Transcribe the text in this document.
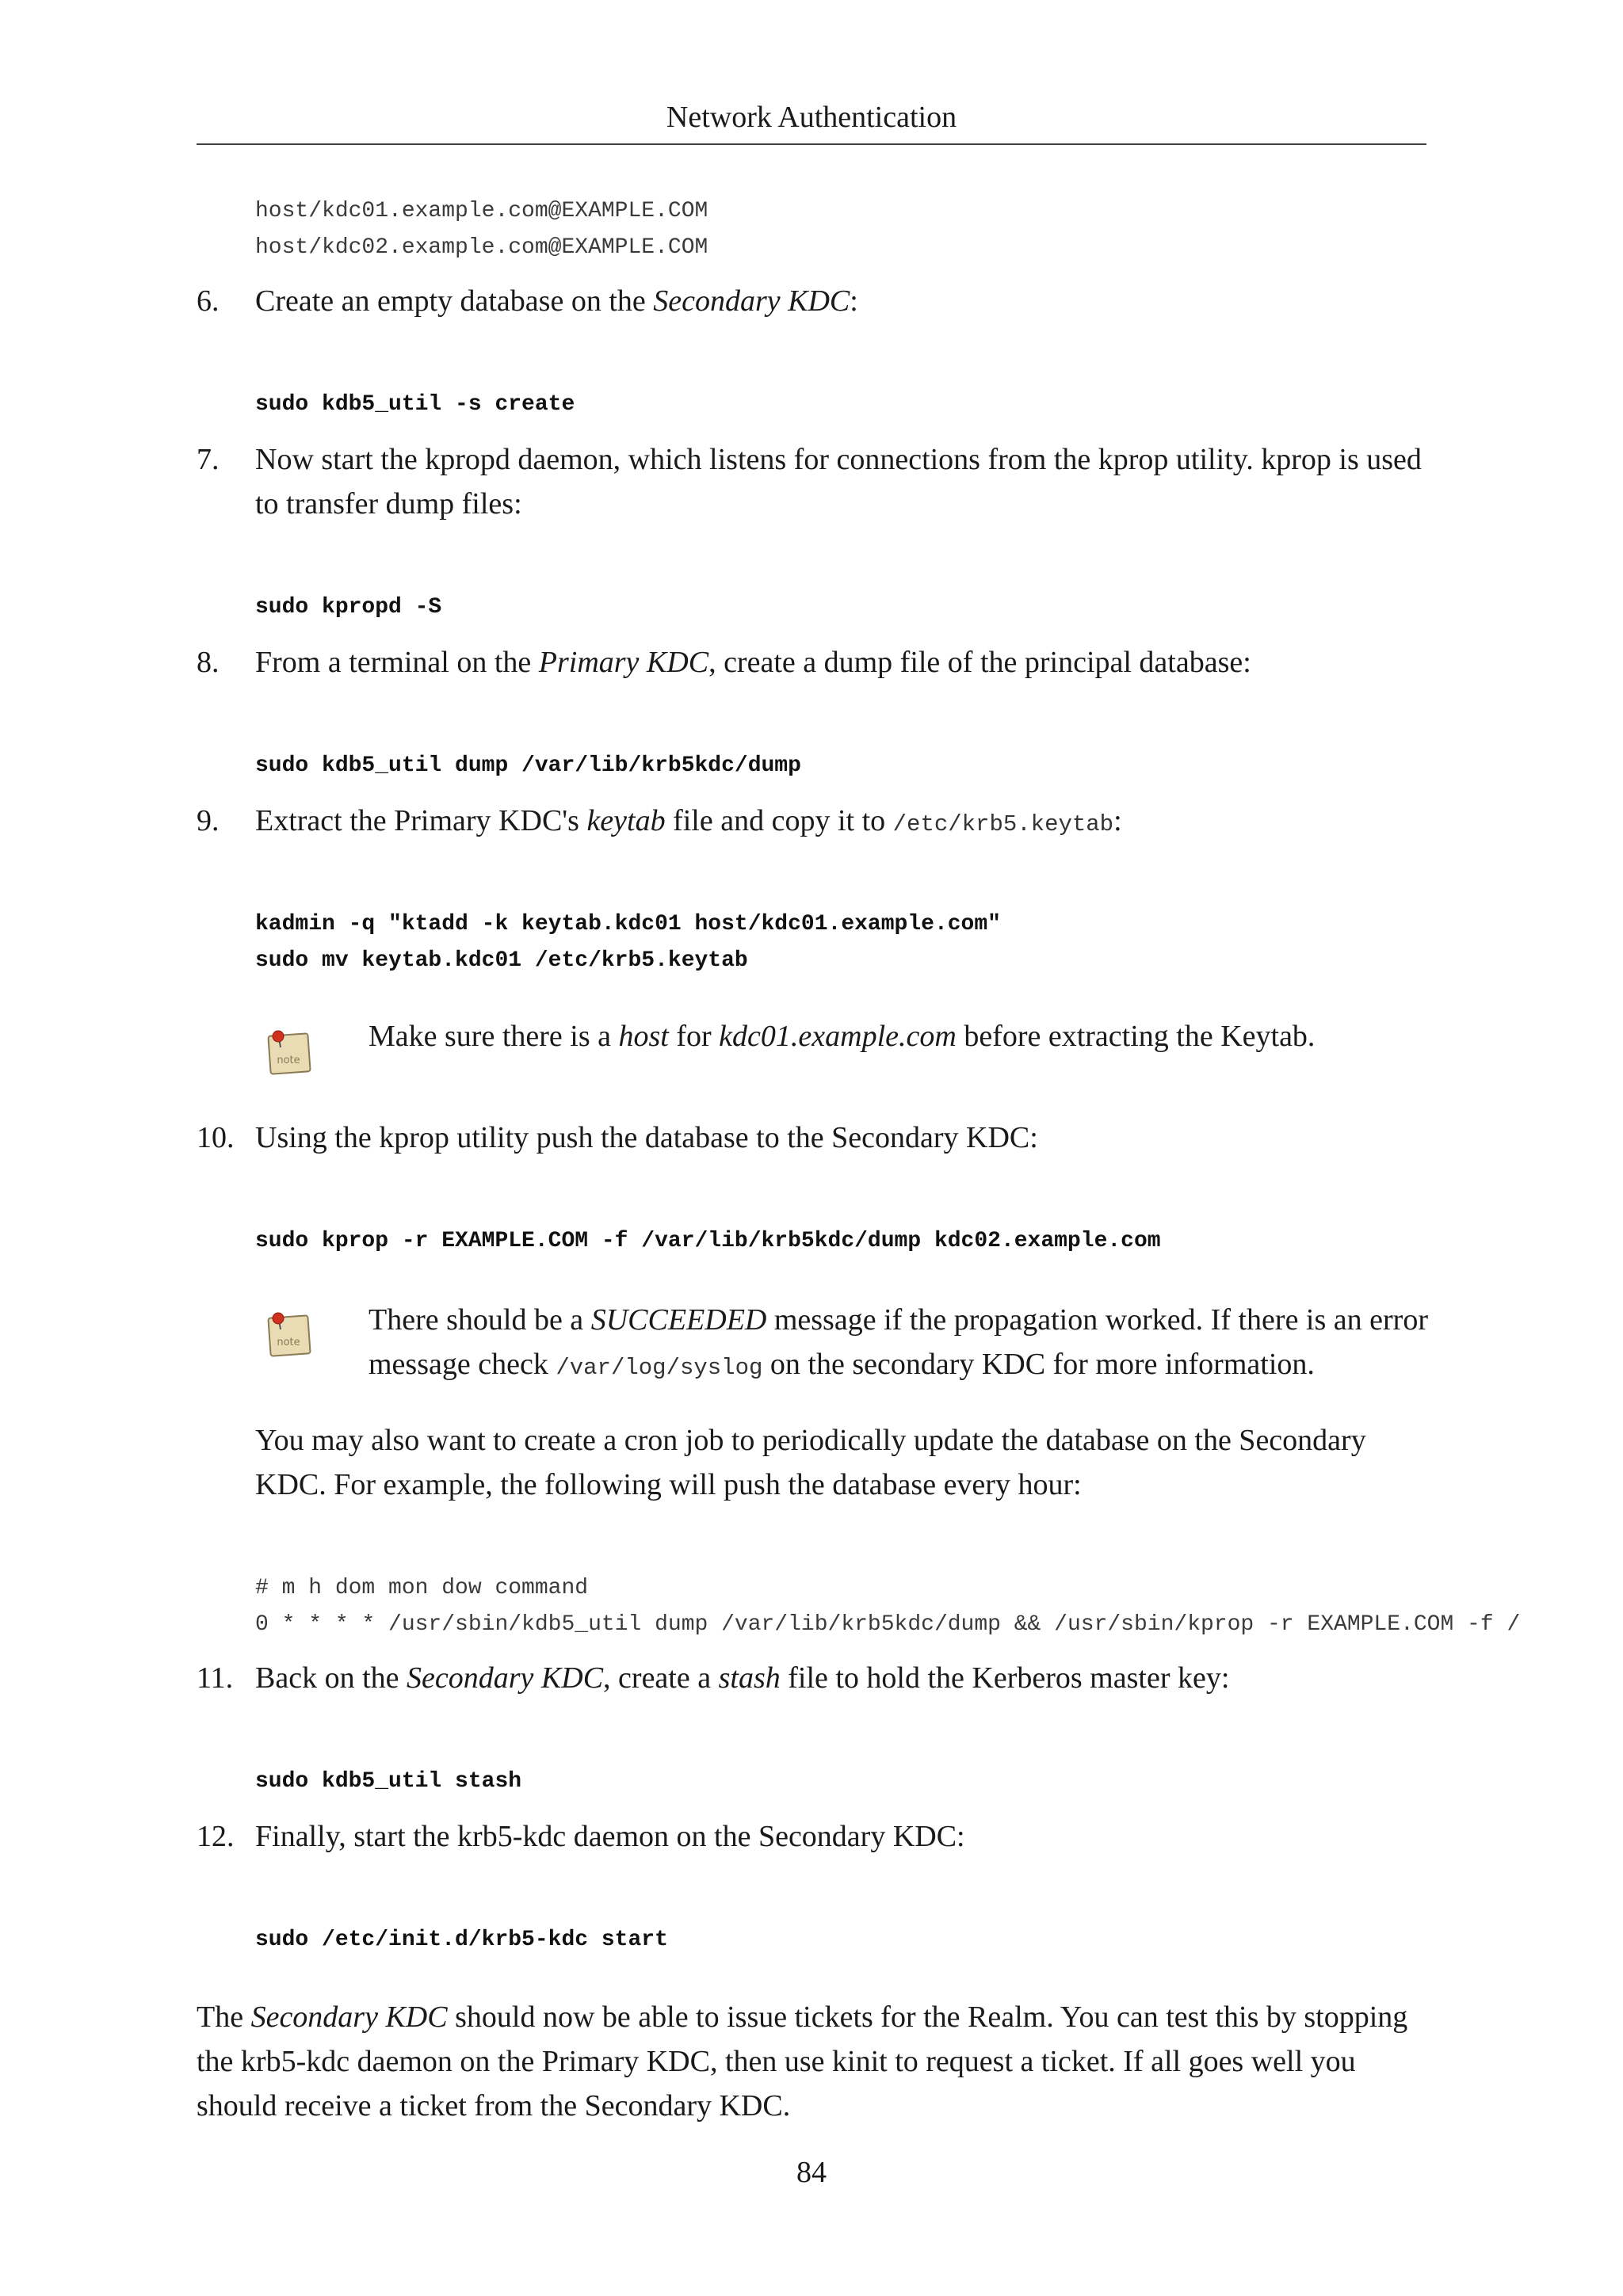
Network Authentication
host/kdc01.example.com@EXAMPLE.COM
host/kdc02.example.com@EXAMPLE.COM
6. Create an empty database on the Secondary KDC:
sudo kdb5_util -s create
7. Now start the kpropd daemon, which listens for connections from the kprop utility. kprop is used
to transfer dump files:
sudo kpropd -S
8. From a terminal on the Primary KDC, create a dump file of the principal database:
sudo kdb5_util dump /var/lib/krb5kdc/dump
9. Extract the Primary KDC's keytab file and copy it to /etc/krb5.keytab:
kadmin -q "ktadd -k keytab.kdc01 host/kdc01.example.com"
sudo mv keytab.kdc01 /etc/krb5.keytab
note
Make sure there is a host for kdc01.example.com before extracting the Keytab.
10. Using the kprop utility push the database to the Secondary KDC:
sudo kprop -r EXAMPLE.COM -f /var/lib/krb5kdc/dump kdc02.example.com
note
There should be a SUCCEEDED message if the propagation worked. If there is an error
message check /var/log/syslog on the secondary KDC for more information.
You may also want to create a cron job to periodically update the database on the Secondary
KDC. For example, the following will push the database every hour:
# m h dom mon dow command
0 * * * * /usr/sbin/kdb5_util dump /var/lib/krb5kdc/dump && /usr/sbin/kprop -r EXAMPLE.COM -f /
11. Back on the Secondary KDC, create a stash file to hold the Kerberos master key:
sudo kdb5_util stash
12. Finally, start the krb5-kdc daemon on the Secondary KDC:
sudo /etc/init.d/krb5-kdc start
The Secondary KDC should now be able to issue tickets for the Realm. You can test this by stopping
the krb5-kdc daemon on the Primary KDC, then use kinit to request a ticket. If all goes well you
should receive a ticket from the Secondary KDC.
84
